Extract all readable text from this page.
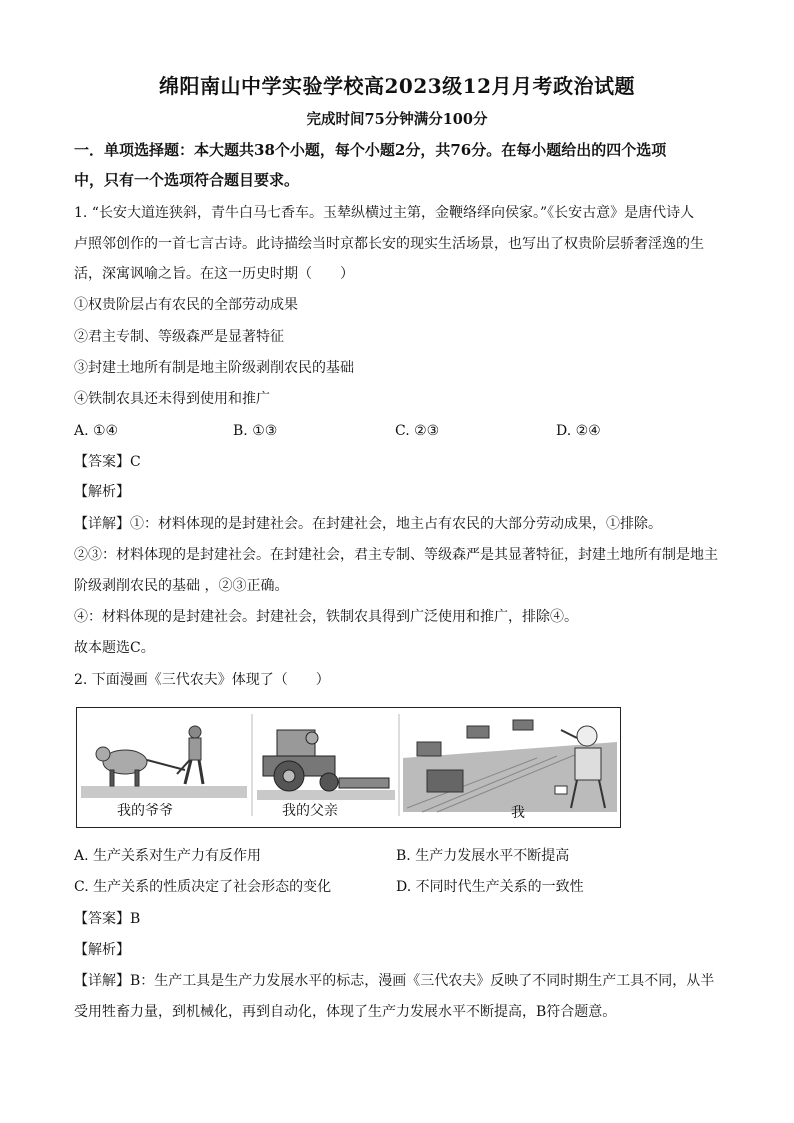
绵阳南山中学实验学校高2023级12月月考政治试题
完成时间75分钟满分100分
一．单项选择题：本大题共38个小题，每个小题2分，共76分。在每小题给出的四个选项
中，只有一个选项符合题目要求。
1. “长安大道连狭斜，青牛白马七香车。玉辇纵横过主第，金鞭络绎向侯家。”《长安古意》是唐代诗人
卢照邻创作的一首七言古诗。此诗描绘当时京都长安的现实生活场景，也写出了权贵阶层骄奢淫逸的生
活，深寓讽喻之旨。在这一历史时期（　　）
①权贵阶层占有农民的全部劳动成果
②君主专制、等级森严是显著特征
③封建土地所有制是地主阶级剥削农民的基础
④铁制农具还未得到使用和推广
A. ①④	B. ①③	C. ②③	D. ②④
【答案】C
【解析】
【详解】①：材料体现的是封建社会。在封建社会，地主占有农民的大部分劳动成果，①排除。
②③：材料体现的是封建社会。在封建社会，君主专制、等级森严是其显著特征，封建土地所有制是地主
阶级剥削农民的基础 ，②③正确。
④：材料体现的是封建社会。封建社会，铁制农具得到广泛使用和推广，排除④。
故本题选C。
2. 下面漫画《三代农夫》体现了（　　）
我的爷爷	我的父亲	我
A. 生产关系对生产力有反作用	B. 生产力发展水平不断提高
C. 生产关系的性质决定了社会形态的变化	D. 不同时代生产关系的一致性
【答案】B
【解析】
【详解】B：生产工具是生产力发展水平的标志，漫画《三代农夫》反映了不同时期生产工具不同，从半
受用牲畜力量，到机械化，再到自动化，体现了生产力发展水平不断提高，B符合题意。
